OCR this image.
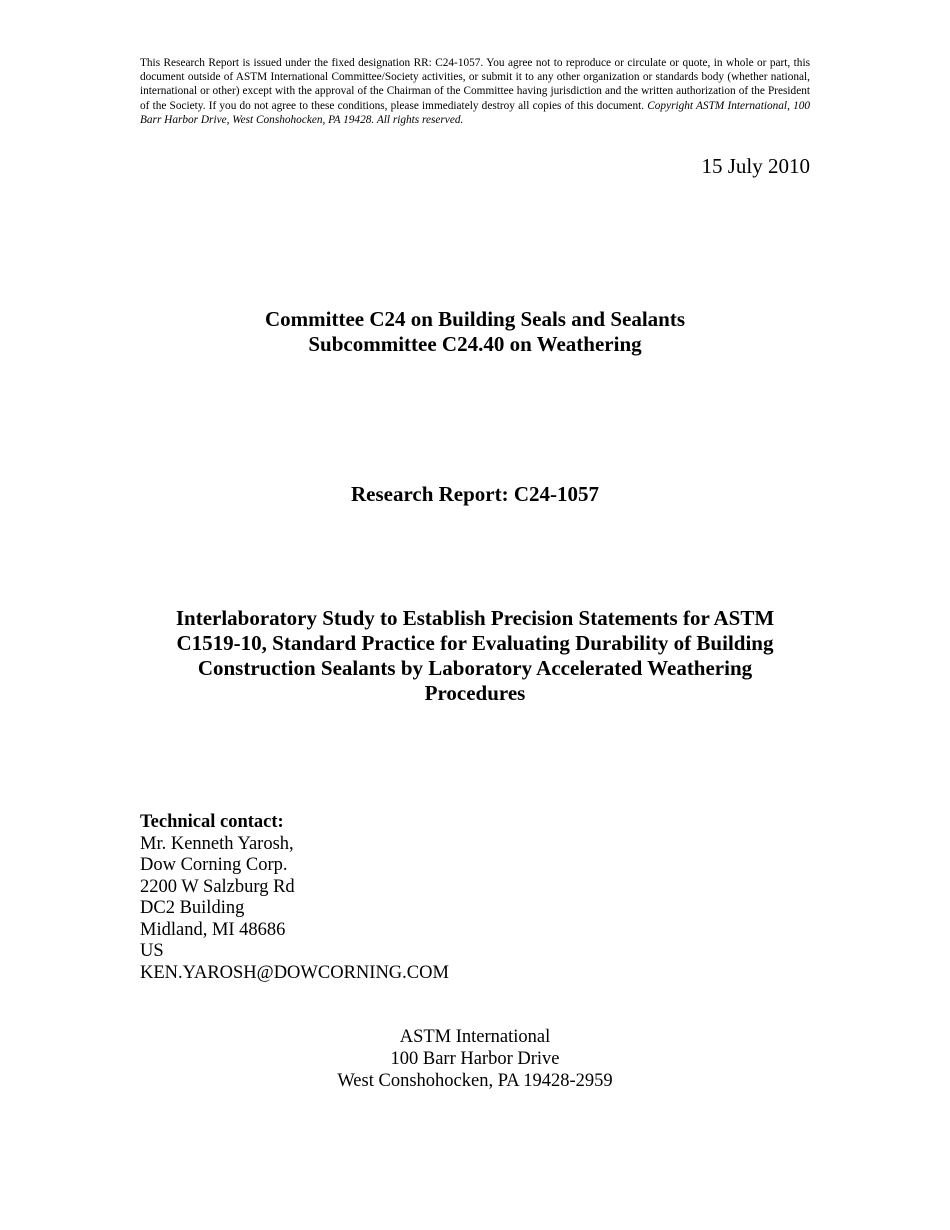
This Research Report is issued under the fixed designation RR: C24-1057. You agree not to reproduce or circulate or quote, in whole or part, this document outside of ASTM International Committee/Society activities, or submit it to any other organization or standards body (whether national, international or other) except with the approval of the Chairman of the Committee having jurisdiction and the written authorization of the President of the Society. If you do not agree to these conditions, please immediately destroy all copies of this document. Copyright ASTM International, 100 Barr Harbor Drive, West Conshohocken, PA 19428. All rights reserved.
15 July 2010
Committee C24 on Building Seals and Sealants
Subcommittee C24.40 on Weathering
Research Report: C24-1057
Interlaboratory Study to Establish Precision Statements for ASTM
C1519-10, Standard Practice for Evaluating Durability of Building
Construction Sealants by Laboratory Accelerated Weathering
Procedures
Technical contact:
Mr. Kenneth Yarosh,
Dow Corning Corp.
2200 W Salzburg Rd
DC2 Building
Midland, MI 48686
US
KEN.YAROSH@DOWCORNING.COM
ASTM International
100 Barr Harbor Drive
West Conshohocken, PA 19428-2959
